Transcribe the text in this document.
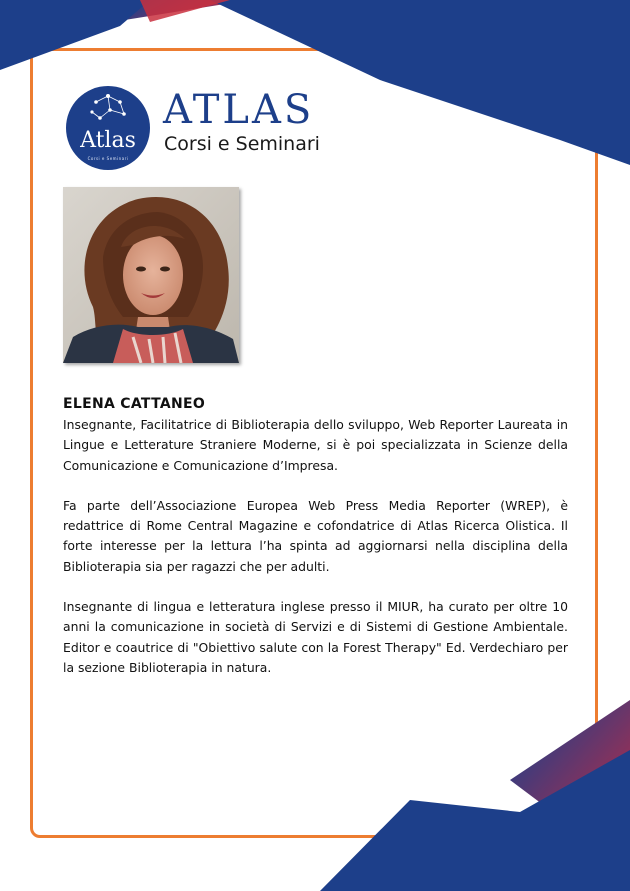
Atlas
Corsi e Seminari
ATLAS
Corsi e Seminari
ELENA CATTANEO

Insegnante, Facilitatrice di Biblioterapia dello sviluppo, Web Reporter Laureata in Lingue e Letterature Straniere Moderne, si è poi specializzata in Scienze della Comunicazione e Comunicazione d’Impresa.

Fa parte dell’Associazione Europea Web Press Media Reporter (WREP), è redattrice di Rome Central Magazine e cofondatrice di Atlas Ricerca Olistica. Il forte interesse per la lettura l’ha spinta ad aggiornarsi nella disciplina della Biblioterapia sia per ragazzi che per adulti.

Insegnante di lingua e letteratura inglese presso il MIUR, ha curato per oltre 10 anni la comunicazione in società di Servizi e di Sistemi di Gestione Ambientale. Editor e coautrice di "Obiettivo salute con la Forest Therapy" Ed. Verdechiaro per la sezione Biblioterapia in natura.
